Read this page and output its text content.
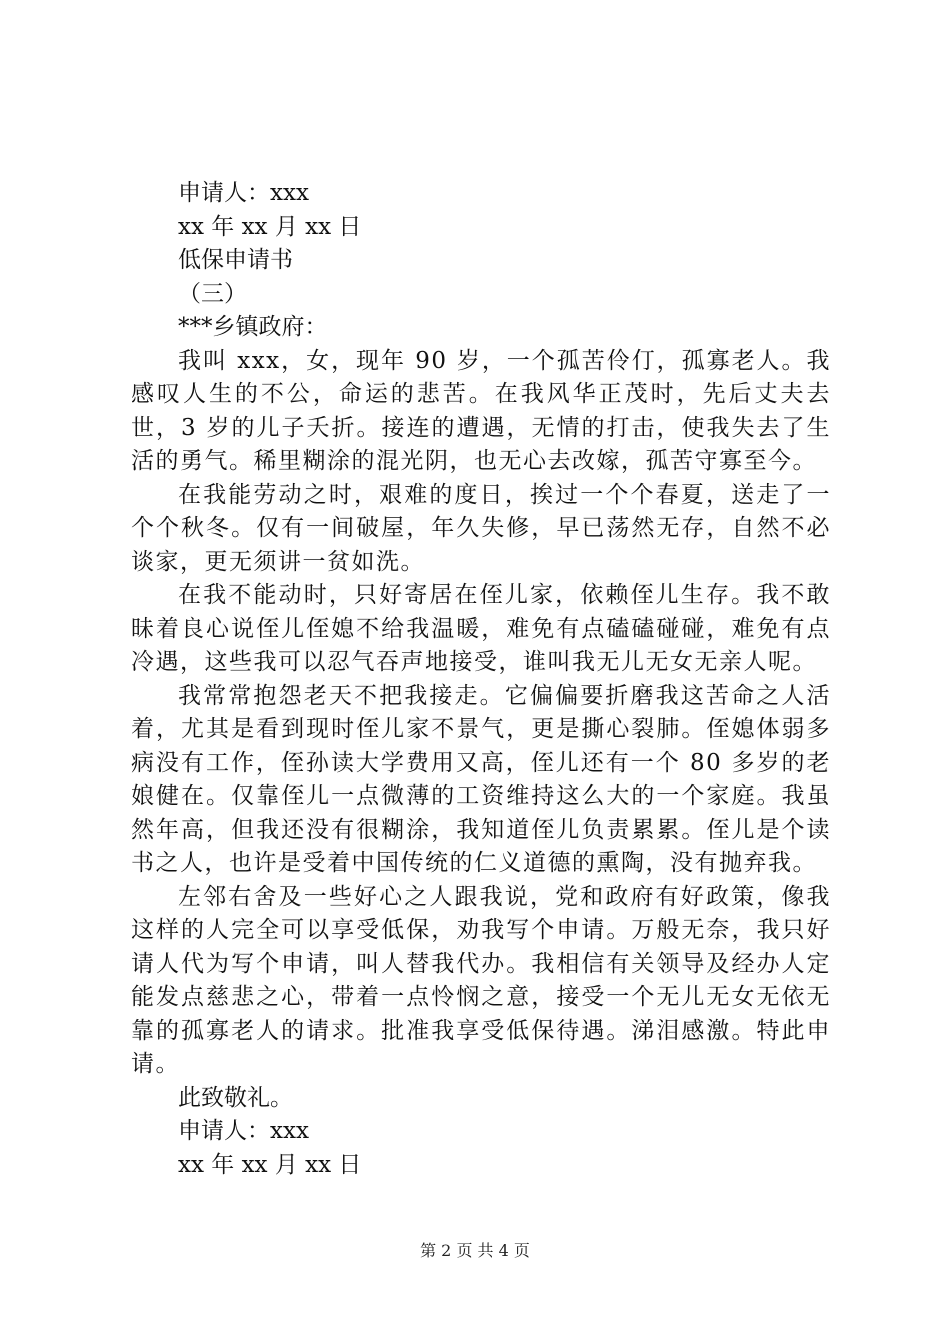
申请人：xxx
xx 年 xx 月 xx 日
低保申请书
（三）
***乡镇政府：
我叫 xxx，女，现年 90 岁，一个孤苦伶仃，孤寡老人。我感叹人生的不公，命运的悲苦。在我风华正茂时，先后丈夫去世，3 岁的儿子夭折。接连的遭遇，无情的打击，使我失去了生活的勇气。稀里糊涂的混光阴，也无心去改嫁，孤苦守寡至今。
在我能劳动之时，艰难的度日，挨过一个个春夏，送走了一个个秋冬。仅有一间破屋，年久失修，早已荡然无存，自然不必谈家，更无须讲一贫如洗。
在我不能动时，只好寄居在侄儿家，依赖侄儿生存。我不敢昧着良心说侄儿侄媳不给我温暖，难免有点磕磕碰碰，难免有点冷遇，这些我可以忍气吞声地接受，谁叫我无儿无女无亲人呢。
我常常抱怨老天不把我接走。它偏偏要折磨我这苦命之人活着，尤其是看到现时侄儿家不景气，更是撕心裂肺。侄媳体弱多病没有工作，侄孙读大学费用又高，侄儿还有一个 80 多岁的老娘健在。仅靠侄儿一点微薄的工资维持这么大的一个家庭。我虽然年高，但我还没有很糊涂，我知道侄儿负责累累。侄儿是个读书之人，也许是受着中国传统的仁义道德的熏陶，没有抛弃我。
左邻右舍及一些好心之人跟我说，党和政府有好政策，像我这样的人完全可以享受低保，劝我写个申请。万般无奈，我只好请人代为写个申请，叫人替我代办。我相信有关领导及经办人定能发点慈悲之心，带着一点怜悯之意，接受一个无儿无女无依无靠的孤寡老人的请求。批准我享受低保待遇。涕泪感激。特此申请。
此致敬礼。
申请人：xxx
xx 年 xx 月 xx 日
第 2 页 共 4 页
